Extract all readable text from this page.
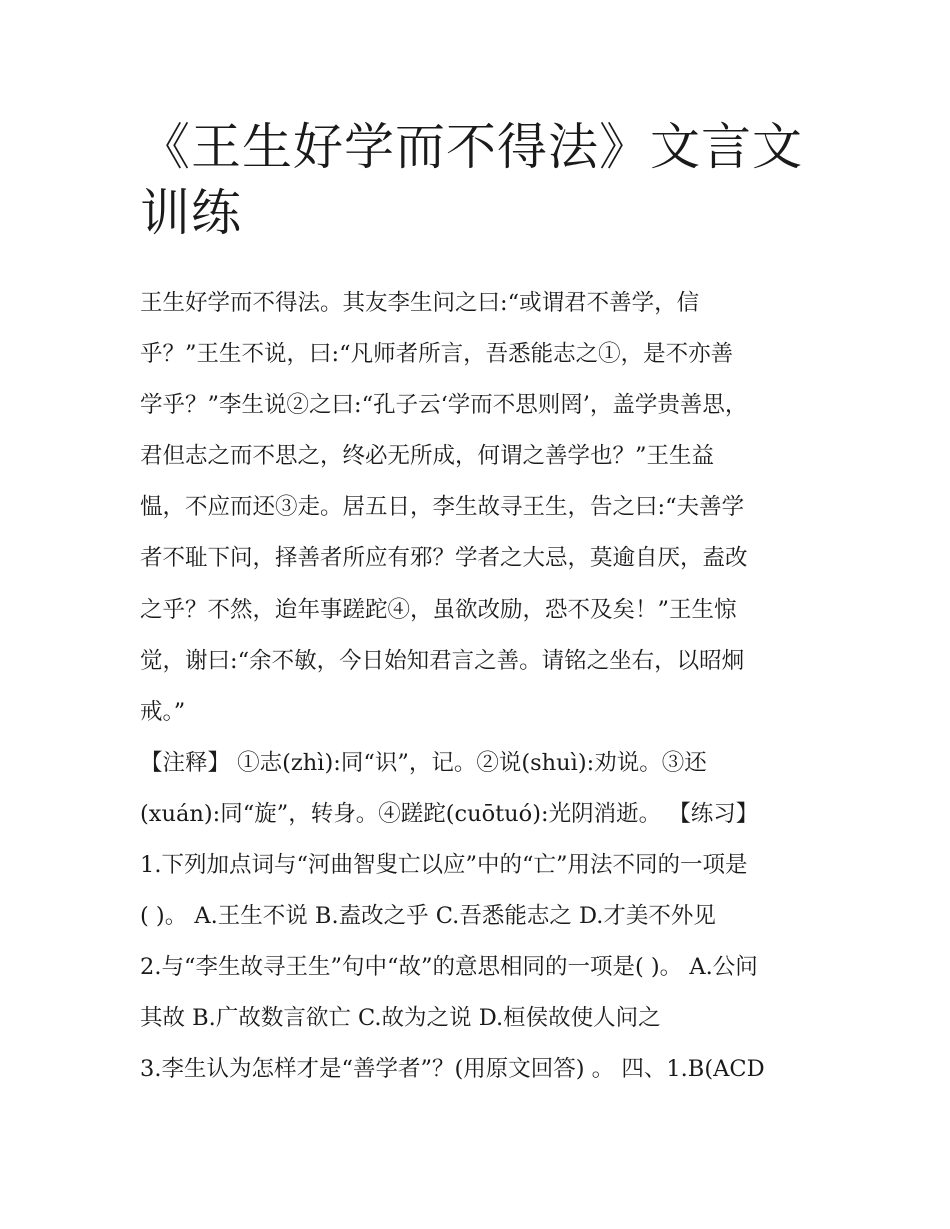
《王生好学而不得法》文言文
训练
王生好学而不得法。其友李生问之曰:“或谓君不善学，信
乎？”王生不说，曰:“凡师者所言，吾悉能志之①，是不亦善
学乎？”李生说②之曰:“孔子云‘学而不思则罔’，盖学贵善思，
君但志之而不思之，终必无所成，何谓之善学也？”王生益
愠，不应而还③走。居五日，李生故寻王生，告之曰:“夫善学
者不耻下问，择善者所应有邪？学者之大忌，莫逾自厌，盍改
之乎？不然，迨年事蹉跎④，虽欲改励，恐不及矣！”王生惊
觉，谢曰:“余不敏，今日始知君言之善。请铭之坐右，以昭炯
戒。”
【注释】 ①志(zhì):同“识”，记。②说(shuì):劝说。③还
(xuán):同“旋”，转身。④蹉跎(cuōtuó):光阴消逝。 【练习】
1.下列加点词与“河曲智叟亡以应”中的“亡”用法不同的一项是
( )。 A.王生不说 B.盍改之乎 C.吾悉能志之 D.才美不外见
2.与“李生故寻王生”句中“故”的意思相同的一项是( )。 A.公问
其故 B.广故数言欲亡 C.故为之说 D.桓侯故使人问之
3.李生认为怎样才是“善学者”？(用原文回答) 。 四、1.B(ACD
